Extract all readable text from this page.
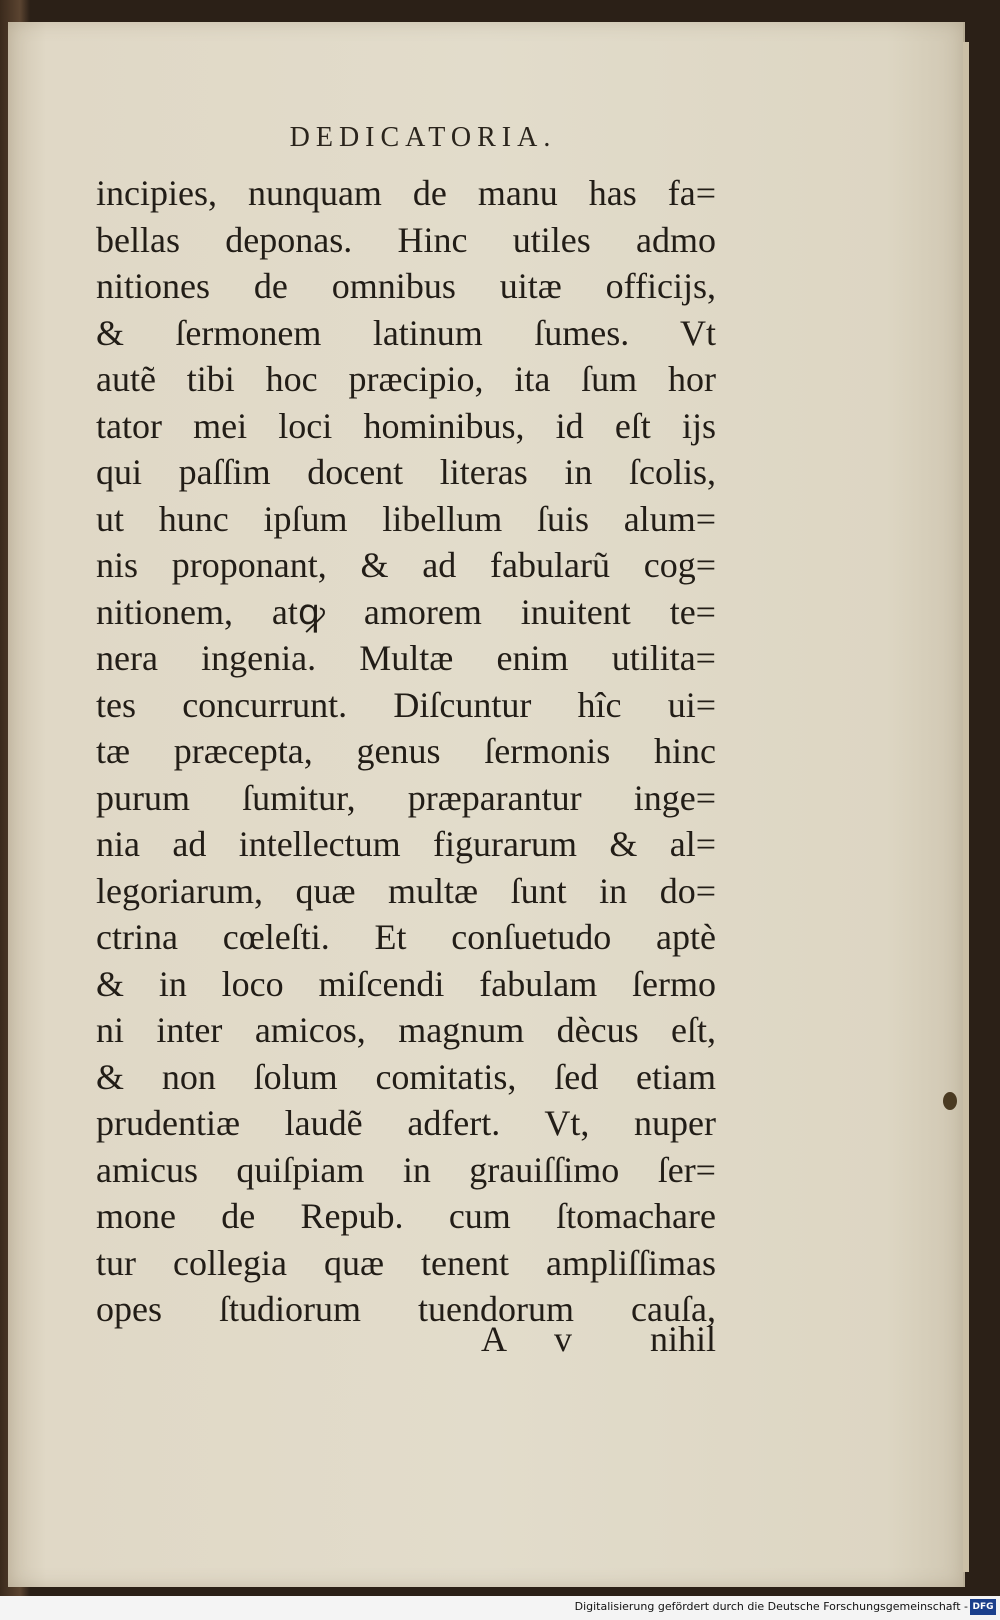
DEDICATORIA.
incipies, nunquam de manu has fa=
bellas deponas. Hinc utiles admo
nitiones de omnibus uitæ officijs,
& ſermonem latinum ſumes. Vt
autẽ tibi hoc præcipio, ita ſum hor
tator mei loci hominibus, id eſt ijs
qui paſſim docent literas in ſcolis,
ut hunc ipſum libellum ſuis alum=
nis proponant, & ad fabularũ cog=
nitionem, atꝙ amorem inuitent te=
nera ingenia. Multæ enim utilita=
tes concurrunt. Diſcuntur hîc ui=
tæ præcepta, genus ſermonis hinc
purum ſumitur, præparantur inge=
nia ad intellectum figurarum & al=
legoriarum, quæ multæ ſunt in do=
ctrina cœleſti. Et conſuetudo aptè
& in loco miſcendi fabulam ſermo
ni inter amicos, magnum dècus eſt,
& non ſolum comitatis, ſed etiam
prudentiæ laudẽ adfert. Vt, nuper
amicus quiſpiam in grauiſſimo ſer=
mone de Repub. cum ſtomachare
tur collegia quæ tenent ampliſſimas
opes ſtudiorum tuendorum cauſa,
A v nihil
Digitalisierung gefördert durch die Deutsche Forschungsgemeinschaft - DFG
